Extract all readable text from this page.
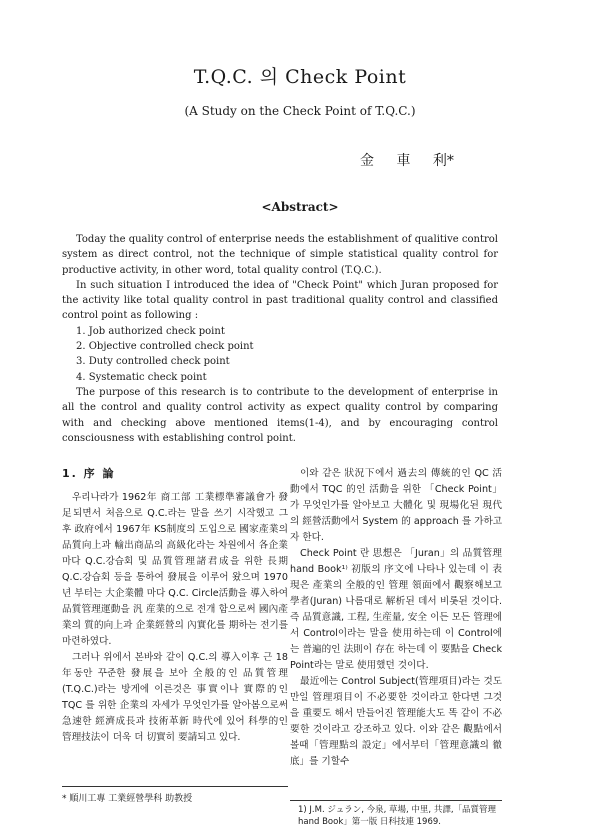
T.Q.C. 의 Check Point
(A Study on the Check Point of T.Q.C.)
金 車 利*
<Abstract>

Today the quality control of enterprise needs the establishment of qualitive control system as direct control, not the technique of simple statistical quality control for productive activity, in other word, total quality control (T.Q.C.).

In such situation I introduced the idea of "Check Point" which Juran proposed for the activity like total quality control in past traditional quality control and classified control point as following :

1. Job authorized check point
2. Objective controlled check point
3. Duty controlled check point
4. Systematic check point

The purpose of this research is to contribute to the development of enterprise in all the control and quality control activity as expect quality control by comparing with and checking above mentioned items(1-4), and by encouraging control consciousness with establishing control point.

1. 序 論

우리나라가 1962年 商工部 工業標準審議會가 發足되면서 처음으로 Q.C.라는 말을 쓰기 시작했고 그 후 政府에서 1967年 KS制度의 도입으로 國家產業의 品質向上과 輸出商品의 高級化라는 차원에서 各企業마다 Q.C.강습회 및 品質管理諸君成을 위한 長期 Q.C.강습회 등을 통하여 發展을 이루어 왔으며 1970년 부터는 大企業體 마다 Q.C. Circle活動을 導入하여 品質管理運動을 汎 産業的으로 전개 함으로써 國內產業의 質的向上과 企業經營의 內實化를 期하는 전기를 마련하였다.

그러나 위에서 본바와 같이 Q.C.의 導入이후 근 18年동안 꾸준한 發展을 보아 全般的인 品質管理(T.Q.C.)라는 방게에 이른것은 事實이나 實際的인 TQC 를 위한 企業의 자세가 무엇인가를 알아봄으로써 急速한 經濟成長과 技術革新 時代에 있어 科學的인 管理技法이 더욱 더 切實히 要請되고 있다.

이와 같은 狀況下에서 過去의 傳統的인 QC 活動에서 TQC 的인 活動을 위한 「Check Point」가 무엇인가를 알아보고 大體化 및 現場化된 現代의 經營活動에서 System 的 approach 를 가하고자 한다.

Check Point 란 思想은 「Juran」의 品質管理 hand Book¹⁾ 初版의 序文에 나타나 있는데 이 表現은 產業의 全般的인 管理 領面에서 觀察해보고 學者(Juran) 나름대로 解析된 데서 비롯된 것이다. 즉 品質意識, 工程, 生産量, 安全 이든 모든 管理에서 Control이라는 말을 使用하는데 이 Control에는 普遍的인 法則이 存在 하는데 이 要點을 Check Point라는 말로 使用했던 것이다.

最近에는 Control Subject(管理項目)라는 것도 만일 管理項目이 不必要한 것이라고 한다면 그것을 重要도 해서 만들어진 管理能大도 똑 같이 不必要한 것이라고 강조하고 있다. 이와 같은 觀點에서 볼때「管理點의 設定」에서부터「管理意識의 徹底」를 기할수

* 順川工專 工業經營學科 助教授
1) J.M. ジュラン, 今泉, 草場, 中里, 共譯,「品質管理
hand Book」第一版 日科技連 1969.
